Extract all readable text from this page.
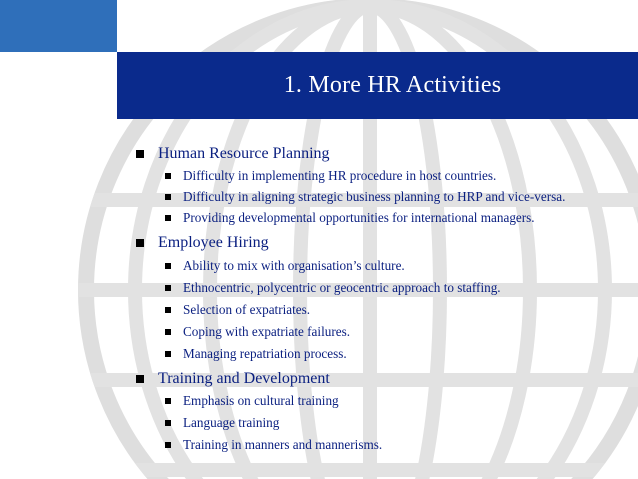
1. More HR Activities
Human Resource Planning
Difficulty in implementing HR procedure in host countries.
Difficulty in aligning strategic business planning to HRP and vice-versa.
Providing developmental opportunities for international managers.
Employee Hiring
Ability to mix with organisation’s culture.
Ethnocentric, polycentric or geocentric approach to staffing.
Selection of expatriates.
Coping with expatriate failures.
Managing repatriation process.
Training and Development
Emphasis on cultural training
Language training
Training in manners and mannerisms.
